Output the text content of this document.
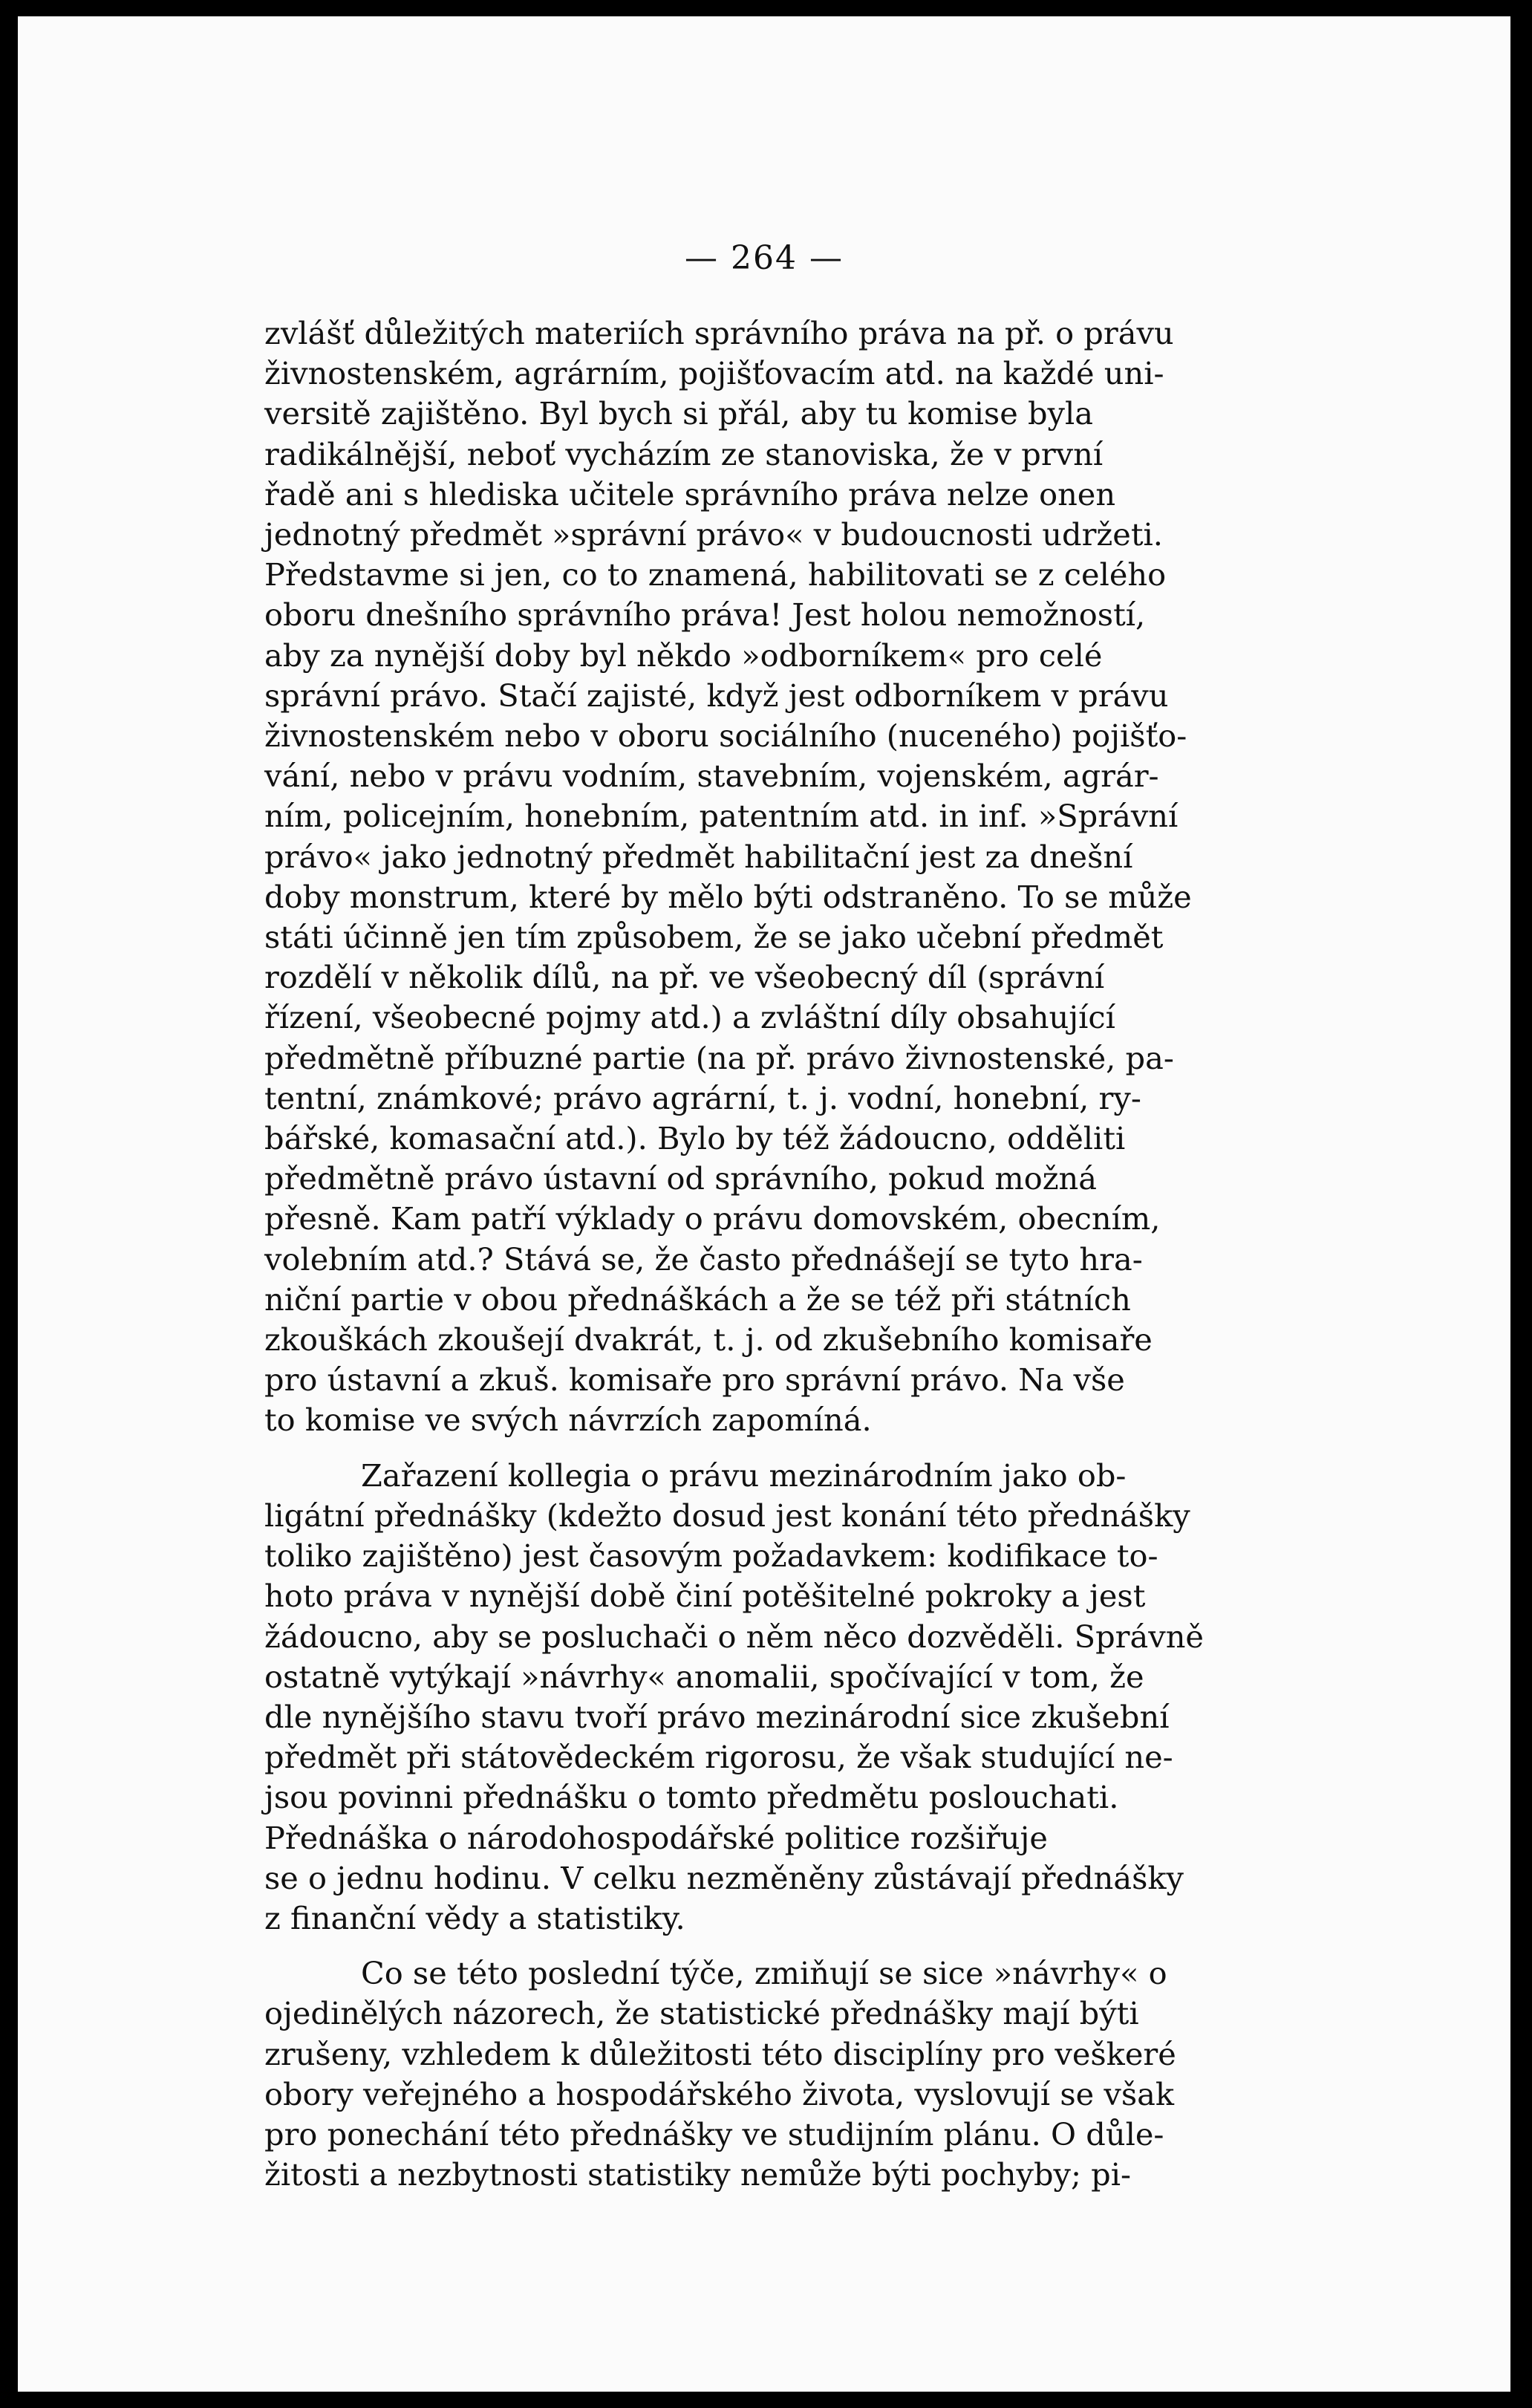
— 264 —
zvlášť důležitých materiích správního práva na př. o právu
živnostenském, agrárním, pojišťovacím atd. na každé uni-
versitě zajištěno. Byl bych si přál, aby tu komise byla
radikálnější, neboť vycházím ze stanoviska, že v první
řadě ani s hlediska učitele správního práva nelze onen
jednotný předmět »správní právo« v budoucnosti udržeti.
Představme si jen, co to znamená, habilitovati se z celého
oboru dnešního správního práva! Jest holou nemožností,
aby za nynější doby byl někdo »odborníkem« pro celé
správní právo. Stačí zajisté, když jest odborníkem v právu
živnostenském nebo v oboru sociálního (nuceného) pojišťo-
vání, nebo v právu vodním, stavebním, vojenském, agrár-
ním, policejním, honebním, patentním atd. in inf. »Správní
právo« jako jednotný předmět habilitační jest za dnešní
doby monstrum, které by mělo býti odstraněno. To se může
státi účinně jen tím způsobem, že se jako učební předmět
rozdělí v několik dílů, na př. ve všeobecný díl (správní
řízení, všeobecné pojmy atd.) a zvláštní díly obsahující
předmětně příbuzné partie (na př. právo živnostenské, pa-
tentní, známkové; právo agrární, t. j. vodní, honební, ry-
bářské, komasační atd.). Bylo by též žádoucno, odděliti
předmětně právo ústavní od správního, pokud možná
přesně. Kam patří výklady o právu domovském, obecním,
volebním atd.? Stává se, že často přednášejí se tyto hra-
niční partie v obou přednáškách a že se též při státních
zkouškách zkoušejí dvakrát, t. j. od zkušebního komisaře
pro ústavní a zkuš. komisaře pro správní právo. Na vše
to komise ve svých návrzích zapomíná.
Zařazení kollegia o právu mezinárodním jako ob-
ligátní přednášky (kdežto dosud jest konání této přednášky
toliko zajištěno) jest časovým požadavkem: kodifikace to-
hoto práva v nynější době činí potěšitelné pokroky a jest
žádoucno, aby se posluchači o něm něco dozvěděli. Správně
ostatně vytýkají »návrhy« anomalii, spočívající v tom, že
dle nynějšího stavu tvoří právo mezinárodní sice zkušební
předmět při státovědeckém rigorosu, že však studující ne-
jsou povinni přednášku o tomto předmětu poslouchati.
Přednáška o národohospodářské politice rozšiřuje
se o jednu hodinu. V celku nezměněny zůstávají přednášky
z finanční vědy a statistiky.
Co se této poslední týče, zmiňují se sice »návrhy« o
ojedinělých názorech, že statistické přednášky mají býti
zrušeny, vzhledem k důležitosti této disciplíny pro veškeré
obory veřejného a hospodářského života, vyslovují se však
pro ponechání této přednášky ve studijním plánu. O důle-
žitosti a nezbytnosti statistiky nemůže býti pochyby; pi-
